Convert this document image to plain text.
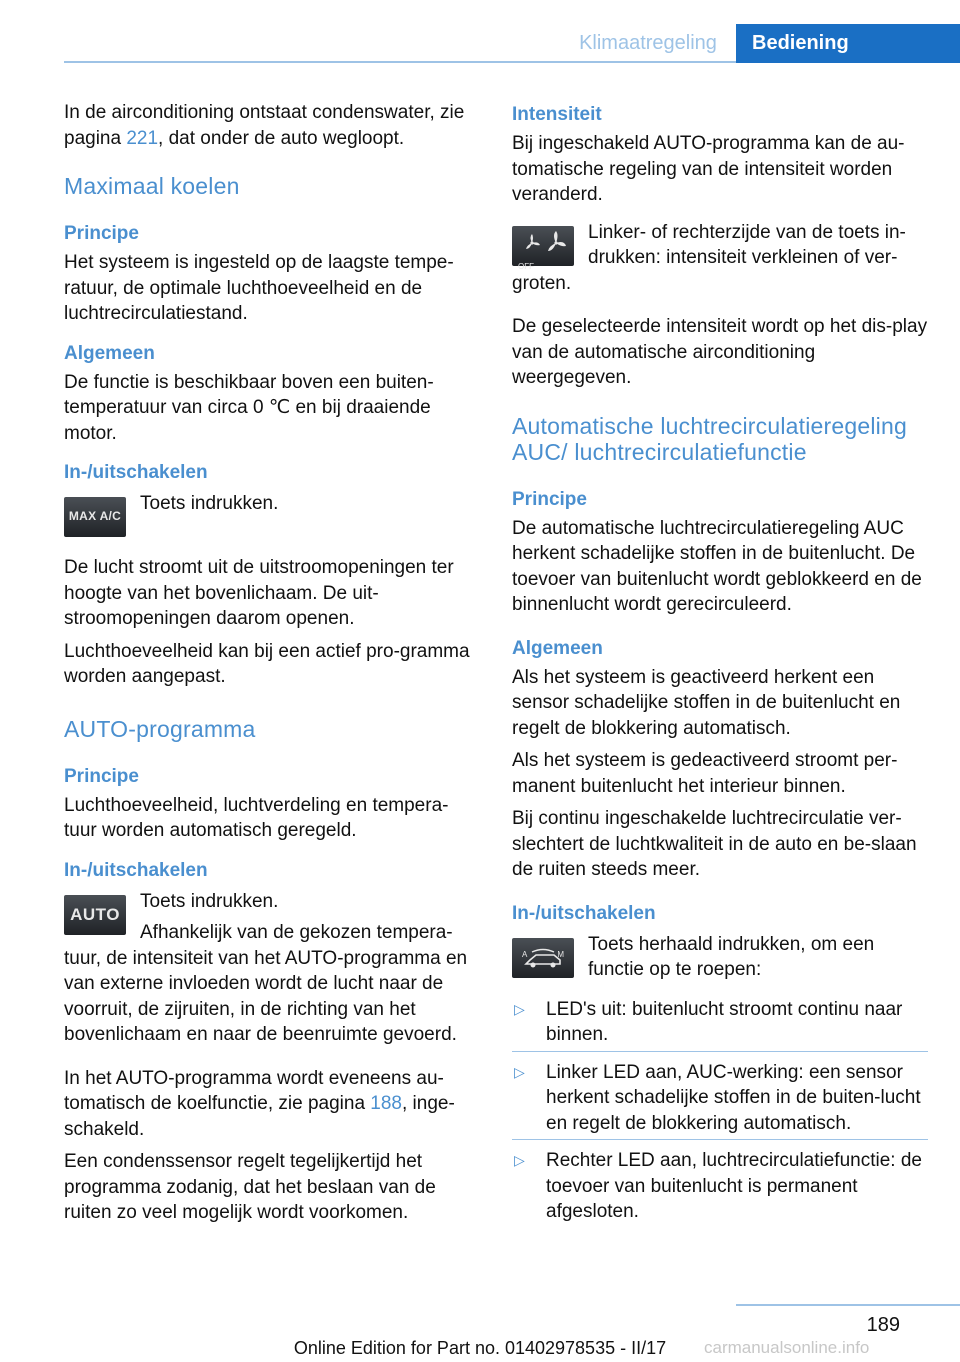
Klimaatregeling	Bediening

In de airconditioning ontstaat condenswater, zie pagina 221, dat onder de auto wegloopt.

Maximaal koelen
Principe

Het systeem is ingesteld op de laagste tempe-ratuur, de optimale luchthoeveelheid en de luchtrecirculatiestand.

Algemeen

De functie is beschikbaar boven een buiten-temperatuur van circa 0 ℃ en bij draaiende motor.

In-/uitschakelen
MAX A/C
Toets indrukken.

De lucht stroomt uit de uitstroomopeningen ter hoogte van het bovenlichaam. De uit-stroomopeningen daarom openen.

Luchthoeveelheid kan bij een actief pro-gramma worden aangepast.

AUTO-programma
Principe

Luchthoeveelheid, luchtverdeling en tempera-tuur worden automatisch geregeld.

In-/uitschakelen
AUTO
Toets indrukken.
Afhankelijk van de gekozen tempera-

tuur, de intensiteit van het AUTO-programma en van externe invloeden wordt de lucht naar de voorruit, de zijruiten, in de richting van het bovenlichaam en naar de beenruimte gevoerd.

In het AUTO-programma wordt eveneens au-tomatisch de koelfunctie, zie pagina 188, inge-schakeld.

Een condenssensor regelt tegelijkertijd het programma zodanig, dat het beslaan van de ruiten zo veel mogelijk wordt voorkomen.

Intensiteit

Bij ingeschakeld AUTO-programma kan de au-tomatische regeling van de intensiteit worden veranderd.

OFF
Linker- of rechterzijde van de toets in-drukken: intensiteit verkleinen of ver-

groten.

De geselecteerde intensiteit wordt op het dis-play van de automatische airconditioning weergegeven.

Automatische luchtrecirculatieregeling AUC/ luchtrecirculatiefunctie
Principe

De automatische luchtrecirculatieregeling AUC herkent schadelijke stoffen in de buitenlucht. De toevoer van buitenlucht wordt geblokkeerd en de binnenlucht wordt gerecirculeerd.

Algemeen

Als het systeem is geactiveerd herkent een sensor schadelijke stoffen in de buitenlucht en regelt de blokkering automatisch.

Als het systeem is gedeactiveerd stroomt per-manent buitenlucht het interieur binnen.

Bij continu ingeschakelde luchtrecirculatie ver-slechtert de luchtkwaliteit in de auto en be-slaan de ruiten steeds meer.

In-/uitschakelen
A	M Toets herhaald indrukken, om een functie op te roepen:
▷ LED's uit: buitenlucht stroomt continu naar binnen.
▷ Linker LED aan, AUC-werking: een sensor herkent schadelijke stoffen in de buiten-lucht en regelt de blokkering automatisch.
▷ Rechter LED aan, luchtrecirculatiefunctie: de toevoer van buitenlucht is permanent afgesloten.
189
Online Edition for Part no. 01402978535 - II/17	carmanualsonline.info
